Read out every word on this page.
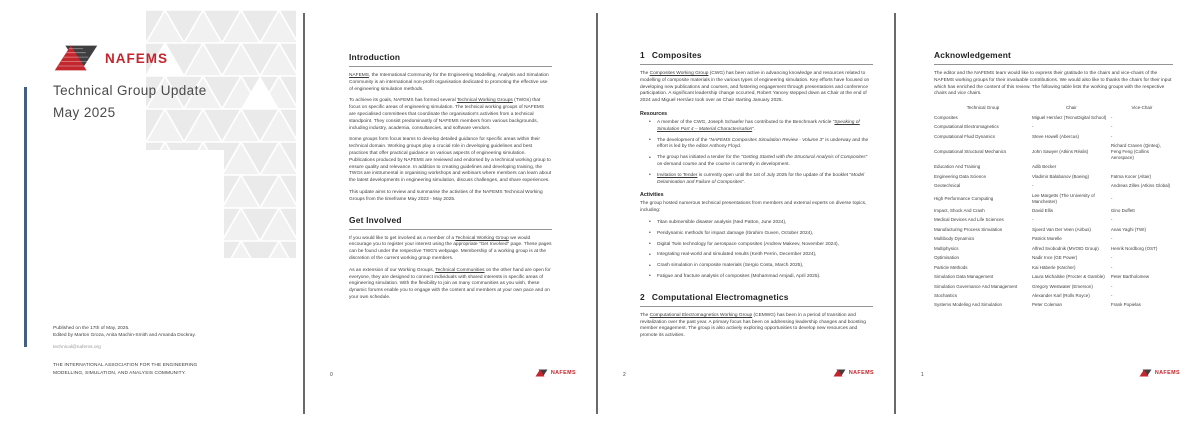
NAFEMS
Technical Group Update
May 2025
Published on the 17th of May, 2025.
Edited by Marton Groza, Anita Machin-Smith and Amanda Dockray.
technical@nafems.org
THE INTERNATIONAL ASSOCIATION FOR THE ENGINEERING MODELLING, SIMULATION, AND ANALYSIS COMMUNITY.
Introduction

NAFEMS, the International Community for the Engineering Modelling, Analysis and Simulation Community is an international non-profit organisation dedicated to promoting the effective use of engineering simulation methods.

To achieve its goals, NAFEMS has formed several Technical Working Groups (TWGs) that focus on specific areas of engineering simulation. The technical working groups of NAFEMS are specialised committees that coordinate the organisation's activities from a technical standpoint. They consist predominantly of NAFEMS members from various backgrounds, including industry, academia, consultancies, and software vendors.

Some groups form focus teams to develop detailed guidance for specific areas within their technical domain. Working groups play a crucial role in developing guidelines and best practices that offer practical guidance on various aspects of engineering simulation. Publications produced by NAFEMS are reviewed and endorsed by a technical working group to ensure quality and relevance. In addition to creating guidelines and developing training, the TWGs are instrumental in organising workshops and webinars where members can learn about the latest developments in engineering simulation, discuss challenges, and share experiences.

This update aims to review and summarise the activities of the NAFEMS Technical Working Groups from the timeframe May 2023 - May 2025.

Get Involved

If you would like to get involved as a member of a Technical Working Group we would encourage you to register your interest using the appropriate "Get Involved" page. These pages can be found under the respective TWG's webpage. Membership of a working group is at the discretion of the current working group members.

As an extension of our Working Groups, Technical Communities on the other hand are open for everyone, they are designed to connect individuals with shared interests in specific areas of engineering simulation. With the flexibility to join as many communities as you wish, these dynamic forums enable you to engage with the content and members at your own pace and on your own schedule.

0	NAFEMS
1 Composites

The Composites Working Group (CWG) has been active in advancing knowledge and resources related to modelling of composite materials in the various types of engineering simulation. Key efforts have focused on developing new publications and courses, and fostering engagement through presentations and conference participation. A significant leadership change occurred, Robert Yancey stepped down as Chair at the end of 2024 and Miguel Herráez took over as Chair starting January 2025.

Resources
• A member of the CWG, Joseph Schaefer has contributed to the Benchmark Article "Speaking of Simulation Part 4 – Material Characterisation".
• The development of the "NAFEMS Composites Simulation Review - Volume 3" is underway and the effort is led by the editor Anthony Floyd.
• The group has initiated a tender for the "Getting Started with the Structural Analysis of Composites" on-demand course and the course is currently in development.
• Invitation to Tender is currently open until the 1st of July 2025 for the update of the booklet "Model Delamination and Failure of Composites".
Activities

The group hosted numerous technical presentations from members and external experts on diverse topics, including:

• Titan submersible disaster analysis (Ned Patton, June 2024),
• Peridynamic methods for impact damage (Ibrahim Guven, October 2024),
• Digital Twin technology for aerospace composites (Andrew Makeev, November 2024),
• Integrating real-world and simulated results (Keith Perrin, December 2024),
• Crash simulation in composite materials (Sergio Costa, March 2025),
• Fatigue and fracture analysis of composites (Mohammad Amjadi, April 2025).
2 Computational Electromagnetics

The Computational Electromagnetics Working Group (CEMWG) has been in a period of transition and revitalization over the past year. A primary focus has been on addressing leadership changes and boosting member engagement. The group is also actively exploring opportunities to develop new resources and promote its activities.

2	NAFEMS
Acknowledgement

The editor and the NAFEMS team would like to express their gratitude to the chairs and vice-chairs of the NAFEMS working groups for their invaluable contributions. We would also like to thanks the chairs for their input which has enriched the content of this review. The following table lists the working groups with the respective chairs and vice chairs.

Technical Group	Chair	Vice-Chair
Composites	Miguel Herráez (TecnoDigital School)	-
Computational Electromagnetics	-	-
Computational Fluid Dynamics	Steve Howell (Abercus)	-
Computational Structural Mechanics	John Sawyer (Atkins Réalis)	Richard Craven (Qinteq), Feng Feng (Collins Aerospace)
Education And Training	Adib Becker	
Engineering Data Science	Vladimir Balabanov (Boeing)	Fatma Kocer (Altair)
Geotechnical	-	Andreas Zilles (Atkins Global)
High Performance Computing	Lee Margetts (The University of Manchester)	-
Impact, Shock And Crash	David Ellis	Gino Duffett
Medical Devices And Life Sciences	-	-
Manufacturing Process Simulation	Sjoerd Van Der Veen (Airbus)	Anas Yaghi (TWI)
Multibody Dynamics	Patrick Morelle	-
Multiphysics	Alfred Svobodnik (MVOID Group)	Henrik Nordborg (OST)
Optimisation	Nadir Ince (GE Power)	-
Particle Methods	Kai Häberle (Kärcher)	-
Simulation Data Management	Laura Michalske (Procter & Gamble)	Peter Bartholomew
Simulation Governance And Management	Gregory Westwater (Emerson)	-
Stochastics	Alexander Karl (Rolls Royce)	-
Systems Modeling And Simulation	Peter Coleman	Frank Popielas
1	NAFEMS
